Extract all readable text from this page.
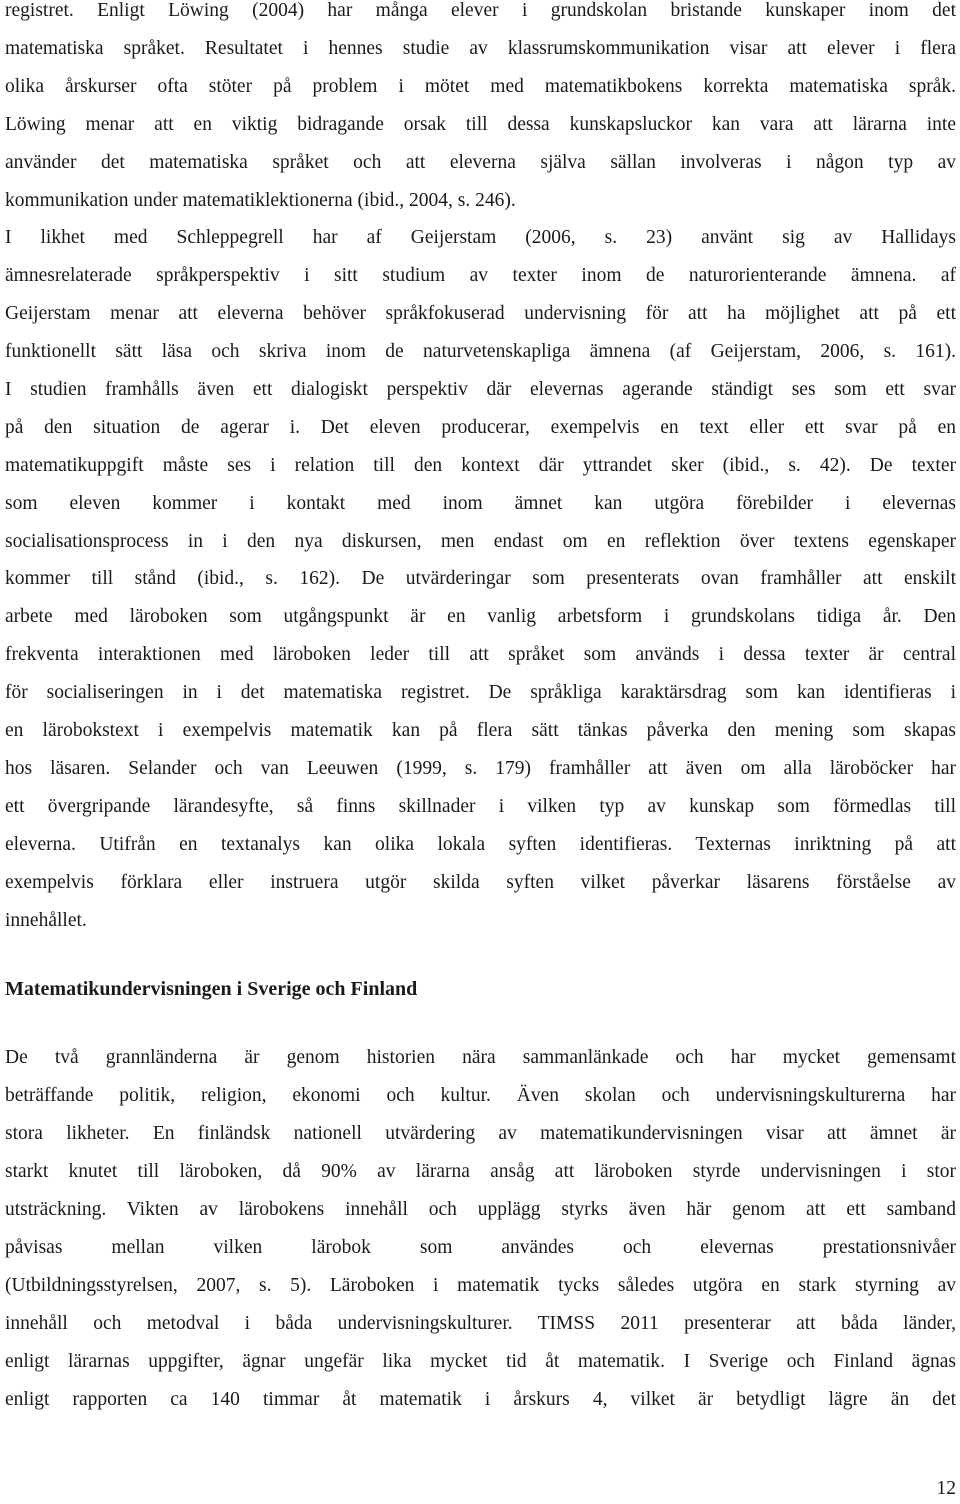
registret. Enligt Löwing (2004) har många elever i grundskolan bristande kunskaper inom det
matematiska språket. Resultatet i hennes studie av klassrumskommunikation visar att elever i flera
olika årskurser ofta stöter på problem i mötet med matematikbokens korrekta matematiska språk.
Löwing menar att en viktig bidragande orsak till dessa kunskapsluckor kan vara att lärarna inte
använder det matematiska språket och att eleverna själva sällan involveras i någon typ av
kommunikation under matematiklektionerna (ibid., 2004, s. 246).
I likhet med Schleppegrell har af Geijerstam (2006, s. 23) använt sig av Hallidays
ämnesrelaterade språkperspektiv i sitt studium av texter inom de naturorienterande ämnena. af
Geijerstam menar att eleverna behöver språkfokuserad undervisning för att ha möjlighet att på ett
funktionellt sätt läsa och skriva inom de naturvetenskapliga ämnena (af Geijerstam, 2006, s. 161).
I studien framhålls även ett dialogiskt perspektiv där elevernas agerande ständigt ses som ett svar
på den situation de agerar i. Det eleven producerar, exempelvis en text eller ett svar på en
matematikuppgift måste ses i relation till den kontext där yttrandet sker (ibid., s. 42). De texter
som eleven kommer i kontakt med inom ämnet kan utgöra förebilder i elevernas
socialisationsprocess in i den nya diskursen, men endast om en reflektion över textens egenskaper
kommer till stånd (ibid., s. 162). De utvärderingar som presenterats ovan framhåller att enskilt
arbete med läroboken som utgångspunkt är en vanlig arbetsform i grundskolans tidiga år. Den
frekventa interaktionen med läroboken leder till att språket som används i dessa texter är central
för socialiseringen in i det matematiska registret. De språkliga karaktärsdrag som kan identifieras i
en lärobokstext i exempelvis matematik kan på flera sätt tänkas påverka den mening som skapas
hos läsaren. Selander och van Leeuwen (1999, s. 179) framhåller att även om alla läroböcker har
ett övergripande lärandesyfte, så finns skillnader i vilken typ av kunskap som förmedlas till
eleverna. Utifrån en textanalys kan olika lokala syften identifieras. Texternas inriktning på att
exempelvis förklara eller instruera utgör skilda syften vilket påverkar läsarens förståelse av
innehållet.
Matematikundervisningen i Sverige och Finland
De två grannländerna är genom historien nära sammanlänkade och har mycket gemensamt
beträffande politik, religion, ekonomi och kultur. Även skolan och undervisningskulturerna har
stora likheter. En finländsk nationell utvärdering av matematikundervisningen visar att ämnet är
starkt knutet till läroboken, då 90% av lärarna ansåg att läroboken styrde undervisningen i stor
utsträckning. Vikten av lärobokens innehåll och upplägg styrks även här genom att ett samband
påvisas mellan vilken lärobok som användes och elevernas prestationsnivåer
(Utbildningsstyrelsen, 2007, s. 5). Läroboken i matematik tycks således utgöra en stark styrning av
innehåll och metodval i båda undervisningskulturer. TIMSS 2011 presenterar att båda länder,
enligt lärarnas uppgifter, ägnar ungefär lika mycket tid åt matematik. I Sverige och Finland ägnas
enligt rapporten ca 140 timmar åt matematik i årskurs 4, vilket är betydligt lägre än det
12
